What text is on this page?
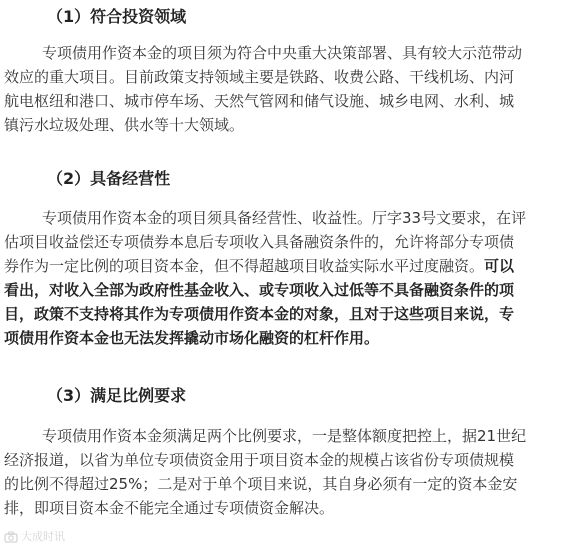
（1）符合投资领域

专项债用作资本金的项目须为符合中央重大决策部署、具有较大示范带动
效应的重大项目。目前政策支持领域主要是铁路、收费公路、干线机场、内河
航电枢纽和港口、城市停车场、天然气管网和储气设施、城乡电网、水利、城
镇污水垃圾处理、供水等十大领域。

（2）具备经营性

专项债用作资本金的项目须具备经营性、收益性。厅字33号文要求，在评
估项目收益偿还专项债券本息后专项收入具备融资条件的，允许将部分专项债
券作为一定比例的项目资本金，但不得超越项目收益实际水平过度融资。可以
看出，对收入全部为政府性基金收入、或专项收入过低等不具备融资条件的项
目，政策不支持将其作为专项债用作资本金的对象，且对于这些项目来说，专
项债用作资本金也无法发挥撬动市场化融资的杠杆作用。

（3）满足比例要求

专项债用作资本金须满足两个比例要求，一是整体额度把控上，据21世纪
经济报道，以省为单位专项债资金用于项目资本金的规模占该省份专项债规模
的比例不得超过25%；二是对于单个项目来说，其自身必须有一定的资本金安
排，即项目资本金不能完全通过专项债资金解决。

大成时讯
